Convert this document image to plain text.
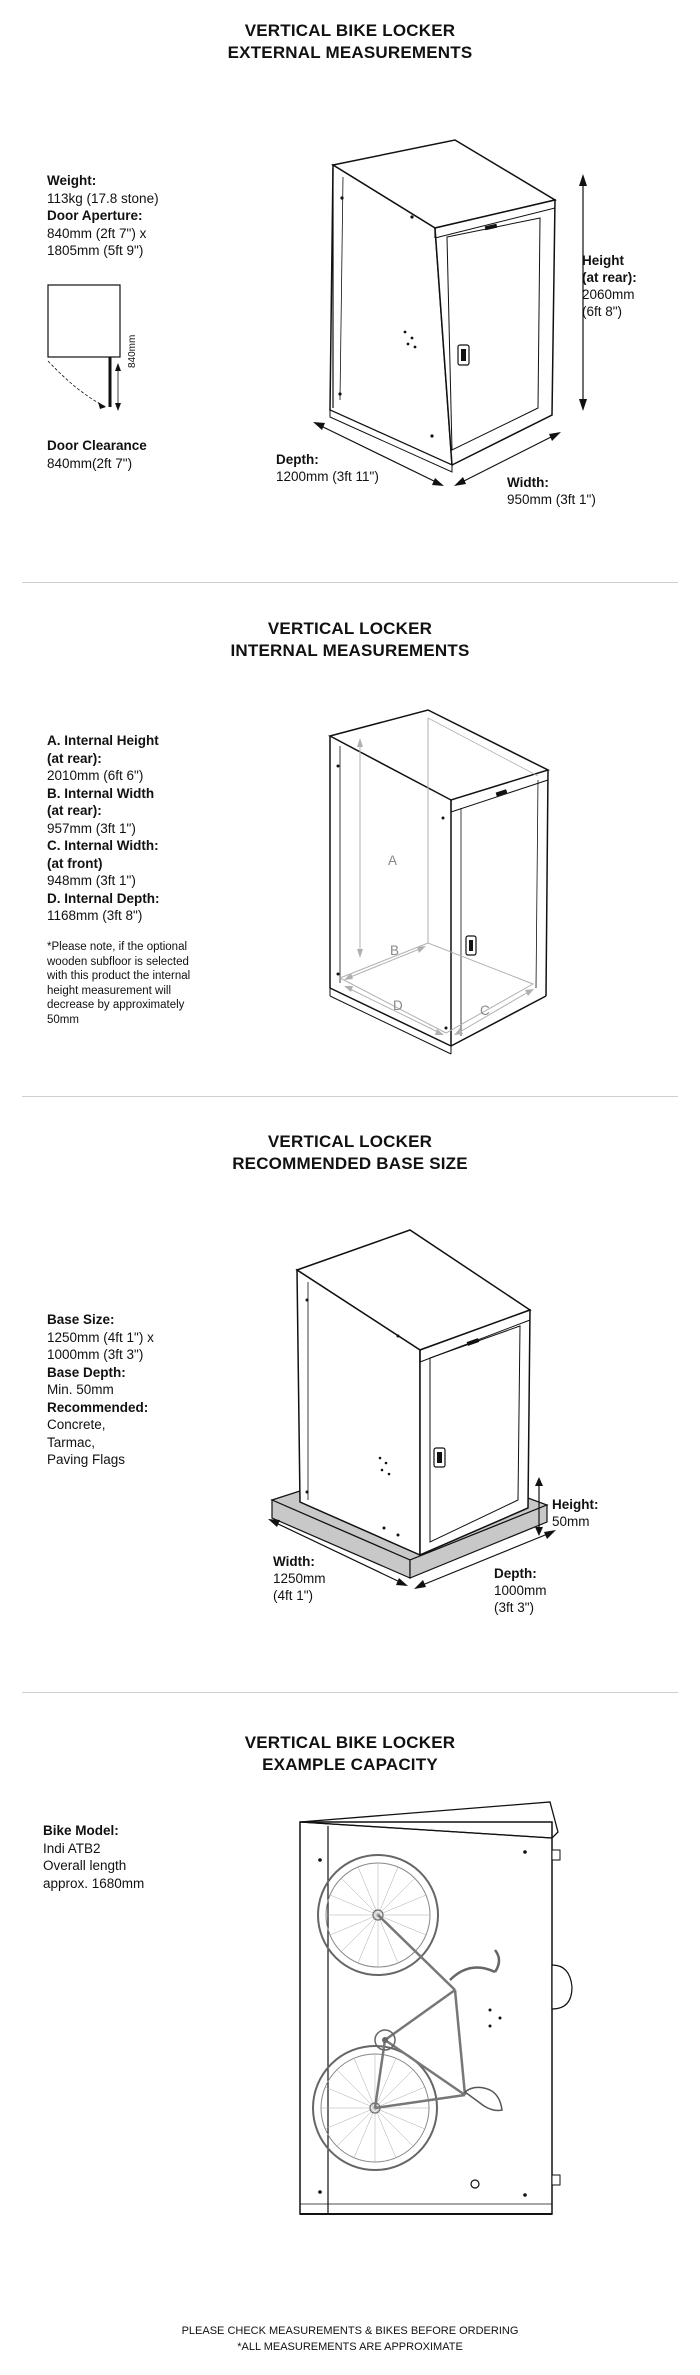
VERTICAL BIKE LOCKER
EXTERNAL MEASUREMENTS
Weight:
113kg (17.8 stone)
Door Aperture:
840mm (2ft 7") x
1805mm (5ft 9")
840mm
Door Clearance
840mm(2ft 7")
Height
(at rear):
2060mm
(6ft 8")
Depth:
1200mm (3ft 11")	Width:
950mm (3ft 1")
VERTICAL LOCKER
INTERNAL MEASUREMENTS
A. Internal Height
(at rear):
2010mm (6ft 6")
B. Internal Width
(at rear):
957mm (3ft 1")
C. Internal Width:
(at front)
948mm (3ft 1")
D. Internal Depth:
1168mm (3ft 8")
*Please note, if the optional
wooden subfloor is selected
with this product the internal
height measurement will
decrease by approximately
50mm
A
B
C
D
VERTICAL LOCKER
RECOMMENDED BASE SIZE
Base Size:
1250mm (4ft 1") x
1000mm (3ft 3")
Base Depth:
Min. 50mm
Recommended:
Concrete,
Tarmac,
Paving Flags
Height:
50mm
Width:
1250mm
(4ft 1")
Depth:
1000mm
(3ft 3")
VERTICAL BIKE LOCKER
EXAMPLE CAPACITY
Bike Model:
Indi ATB2
Overall length
approx. 1680mm
PLEASE CHECK MEASUREMENTS & BIKES BEFORE ORDERING
*ALL MEASUREMENTS ARE APPROXIMATE
